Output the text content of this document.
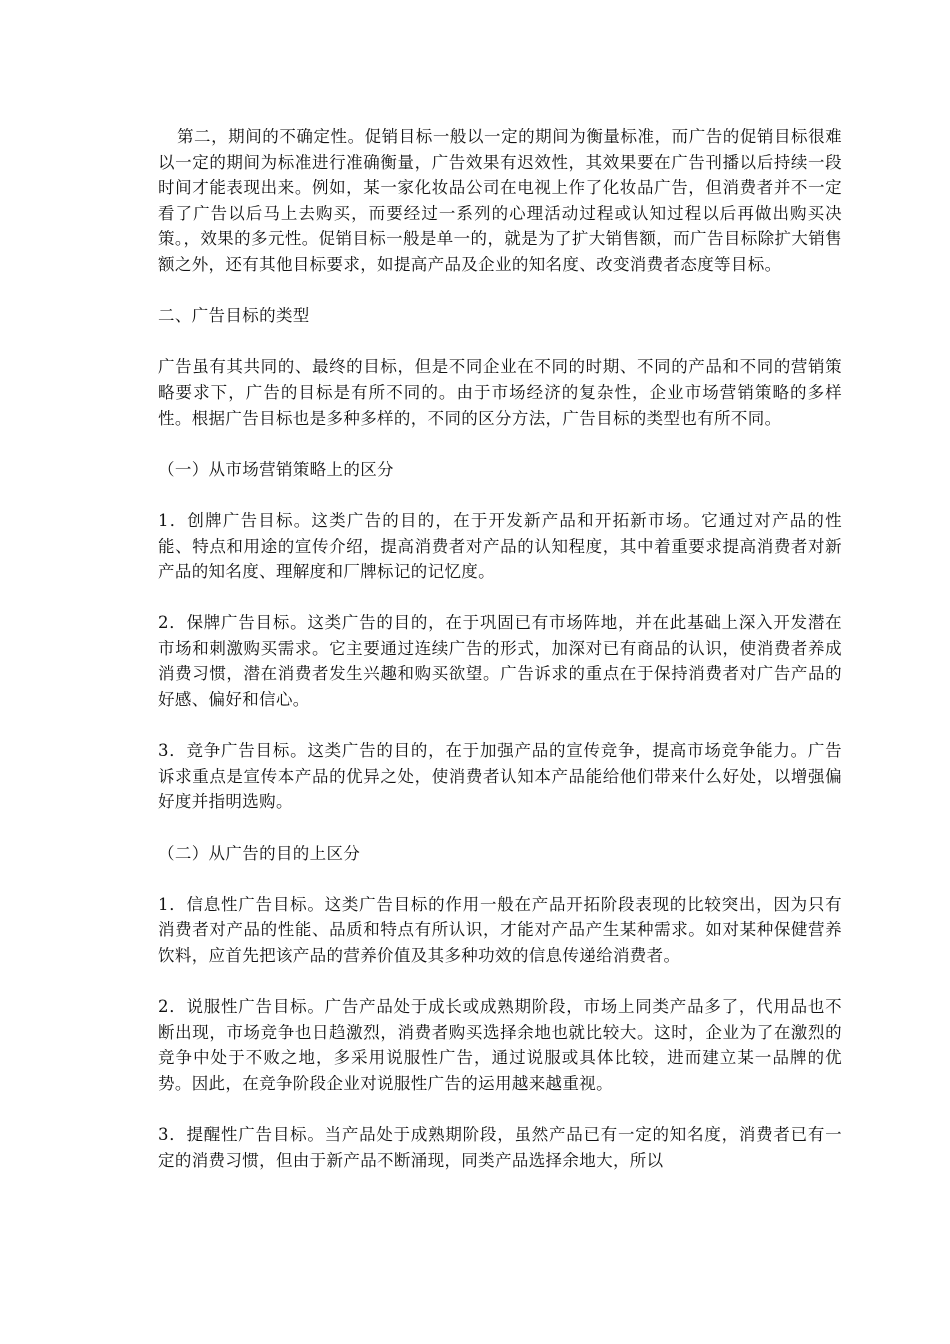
第二，期间的不确定性。促销目标一般以一定的期间为衡量标准，而广告的促销目标很难以一定的期间为标准进行准确衡量，广告效果有迟效性，其效果要在广告刊播以后持续一段时间才能表现出来。例如，某一家化妆品公司在电视上作了化妆品广告，但消费者并不一定看了广告以后马上去购买，而要经过一系列的心理活动过程或认知过程以后再做出购买决策。，效果的多元性。促销目标一般是单一的，就是为了扩大销售额，而广告目标除扩大销售额之外，还有其他目标要求，如提高产品及企业的知名度、改变消费者态度等目标。

二、广告目标的类型

广告虽有其共同的、最终的目标，但是不同企业在不同的时期、不同的产品和不同的营销策略要求下，广告的目标是有所不同的。由于市场经济的复杂性，企业市场营销策略的多样性。根据广告目标也是多种多样的，不同的区分方法，广告目标的类型也有所不同。

（一）从市场营销策略上的区分

1．创牌广告目标。这类广告的目的，在于开发新产品和开拓新市场。它通过对产品的性能、特点和用途的宣传介绍，提高消费者对产品的认知程度，其中着重要求提高消费者对新产品的知名度、理解度和厂牌标记的记忆度。

2．保牌广告目标。这类广告的目的，在于巩固已有市场阵地，并在此基础上深入开发潜在市场和刺激购买需求。它主要通过连续广告的形式，加深对已有商品的认识，使消费者养成消费习惯，潜在消费者发生兴趣和购买欲望。广告诉求的重点在于保持消费者对广告产品的好感、偏好和信心。

3．竞争广告目标。这类广告的目的，在于加强产品的宣传竞争，提高市场竞争能力。广告诉求重点是宣传本产品的优异之处，使消费者认知本产品能给他们带来什么好处，以增强偏好度并指明选购。

（二）从广告的目的上区分

1．信息性广告目标。这类广告目标的作用一般在产品开拓阶段表现的比较突出，因为只有消费者对产品的性能、品质和特点有所认识，才能对产品产生某种需求。如对某种保健营养饮料，应首先把该产品的营养价值及其多种功效的信息传递给消费者。

2．说服性广告目标。广告产品处于成长或成熟期阶段，市场上同类产品多了，代用品也不断出现，市场竞争也日趋激烈，消费者购买选择余地也就比较大。这时，企业为了在激烈的竞争中处于不败之地，多采用说服性广告，通过说服或具体比较，进而建立某一品牌的优势。因此，在竞争阶段企业对说服性广告的运用越来越重视。

3．提醒性广告目标。当产品处于成熟期阶段，虽然产品已有一定的知名度，消费者已有一定的消费习惯，但由于新产品不断涌现，同类产品选择余地大，所以
